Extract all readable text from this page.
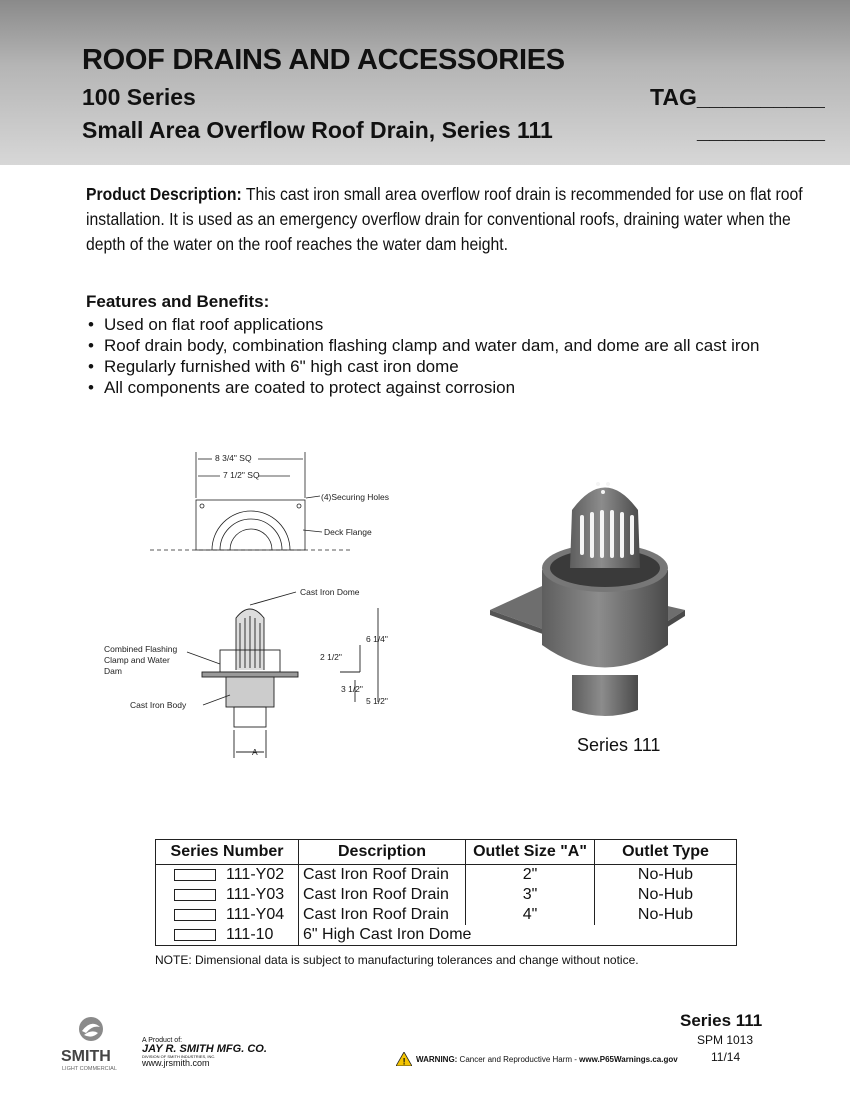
ROOF DRAINS AND ACCESSORIES
100 Series
Small Area Overflow Roof Drain, Series 111
TAG__________
__________
Product Description: This cast iron small area overflow roof drain is recommended for use on flat roof installation. It is used as an emergency overflow drain for conventional roofs, draining water when the depth of the water on the roof reaches the water dam height.
Features and Benefits:
• Used on flat roof applications
• Roof drain body, combination flashing clamp and water dam, and dome are all cast iron
• Regularly furnished with 6" high cast iron dome
• All components are coated to protect against corrosion
8 3/4" SQ
7 1/2" SQ
(4)Securing Holes
Deck Flange
Cast Iron Dome
Combined Flashing
Clamp and Water
Dam
Cast Iron Body
6 1/4"
2 1/2"
3 1/2"
5 1/2"
A	Series 111
Series Number	Description	Outlet Size "A"	Outlet Type
111-Y02	Cast Iron Roof Drain	2"	No-Hub
111-Y03	Cast Iron Roof Drain	3"	No-Hub
111-Y04	Cast Iron Roof Drain	4"	No-Hub
111-10	6" High Cast Iron Dome		
NOTE: Dimensional data is subject to manufacturing tolerances and change without notice.
SMITH
LIGHT COMMERCIAL
A Product of:
JAY R. SMITH MFG. CO.
DIVISION OF SMITH INDUSTRIES, INC.
www.jrsmith.com	! WARNING: Cancer and Reproductive Harm - www.P65Warnings.ca.gov
Series 111
SPM 1013
11/14
